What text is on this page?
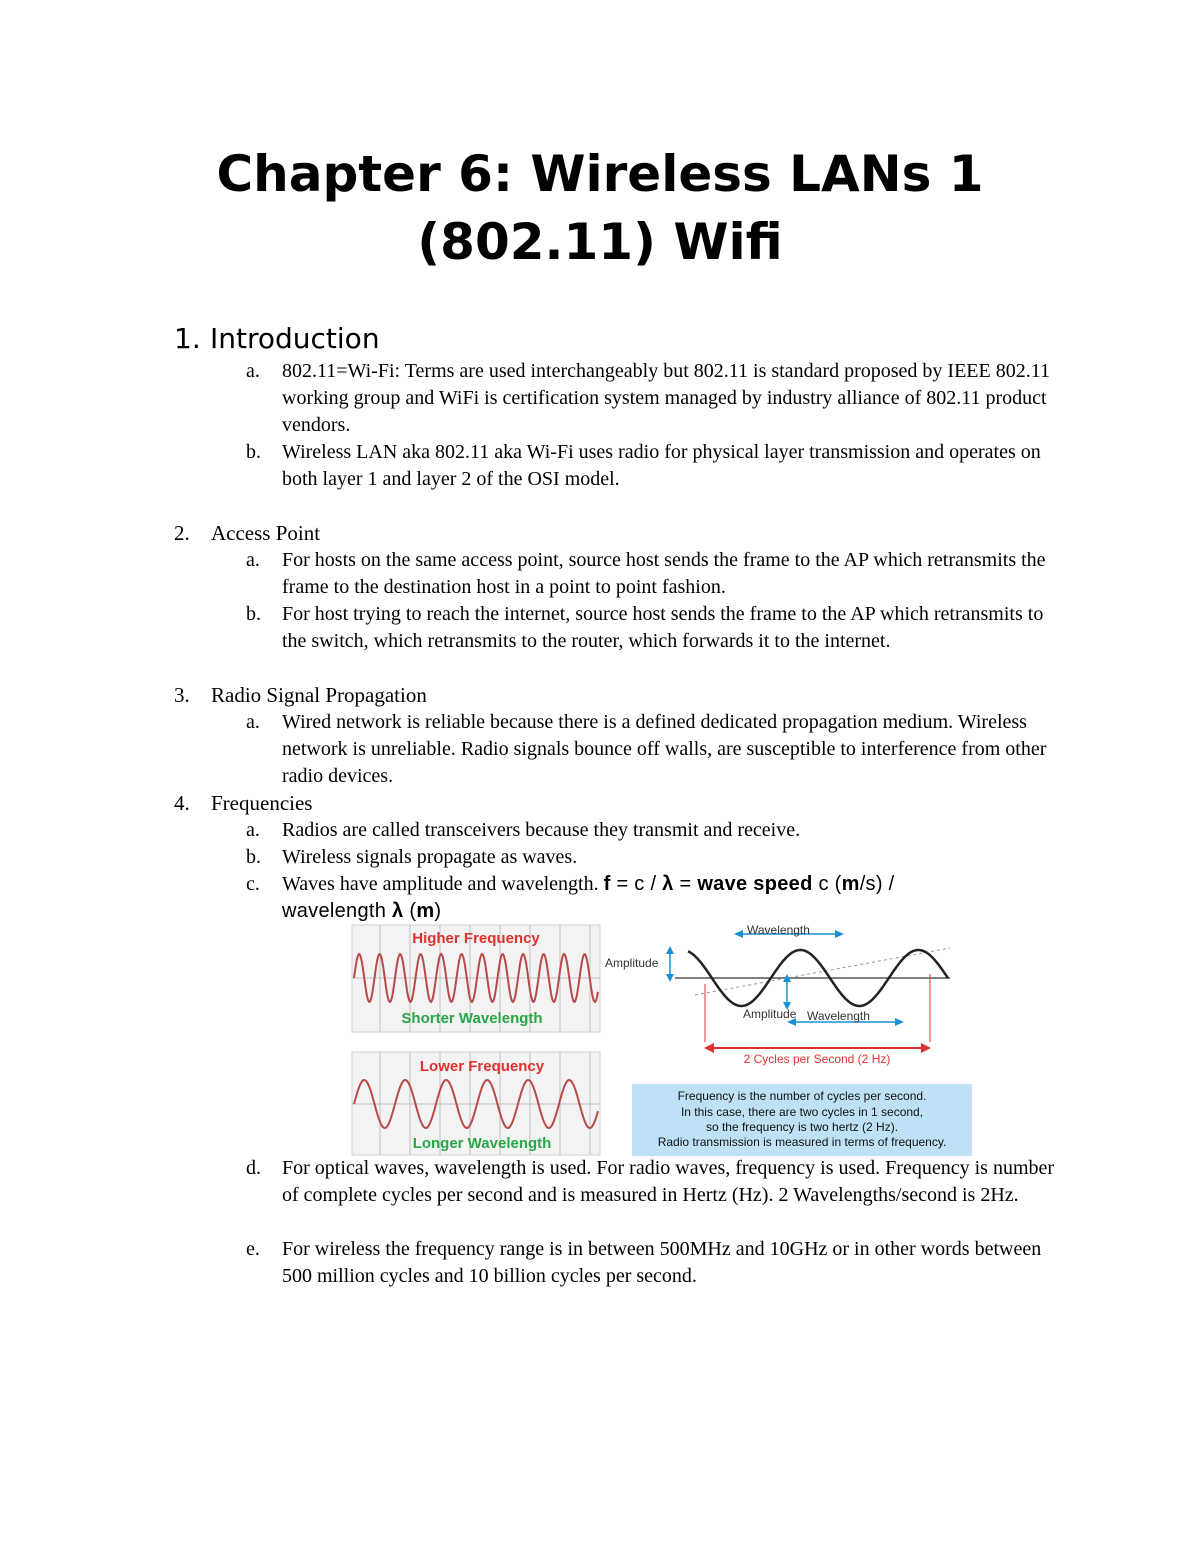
Chapter 6: Wireless LANs 1
(802.11) Wifi
1. Introduction
a.	802.11=Wi-Fi: Terms are used interchangeably but 802.11 is standard proposed by IEEE 802.11 working group and WiFi is certification system managed by industry alliance of 802.11 product vendors.
b.	Wireless LAN aka 802.11 aka Wi-Fi uses radio for physical layer transmission and operates on both layer 1 and layer 2 of the OSI model.
2. Access Point
a.	For hosts on the same access point, source host sends the frame to the AP which retransmits the frame to the destination host in a point to point fashion.
b.	For host trying to reach the internet, source host sends the frame to the AP which retransmits to the switch, which retransmits to the router, which forwards it to the internet.
3. Radio Signal Propagation
a.	Wired network is reliable because there is a defined dedicated propagation medium. Wireless network is unreliable. Radio signals bounce off walls, are susceptible to interference from other radio devices.
4. Frequencies
a.	Radios are called transceivers because they transmit and receive.
b.	Wireless signals propagate as waves.
c.	Waves have amplitude and wavelength. f = c / λ = wave speed c (m/s) /
wavelength λ (m)
Higher Frequency
Shorter Wavelength
Lower Frequency
Longer Wavelength
Amplitude
Wavelength
Amplitude Wavelength
2 Cycles per Second (2 Hz)
Frequency is the number of cycles per second.
In this case, there are two cycles in 1 second,
so the frequency is two hertz (2 Hz).
Radio transmission is measured in terms of frequency.
d.	For optical waves, wavelength is used. For radio waves, frequency is used. Frequency is number of complete cycles per second and is measured in Hertz (Hz). 2 Wavelengths/second is 2Hz.
e.	For wireless the frequency range is in between 500MHz and 10GHz or in other words between 500 million cycles and 10 billion cycles per second.
